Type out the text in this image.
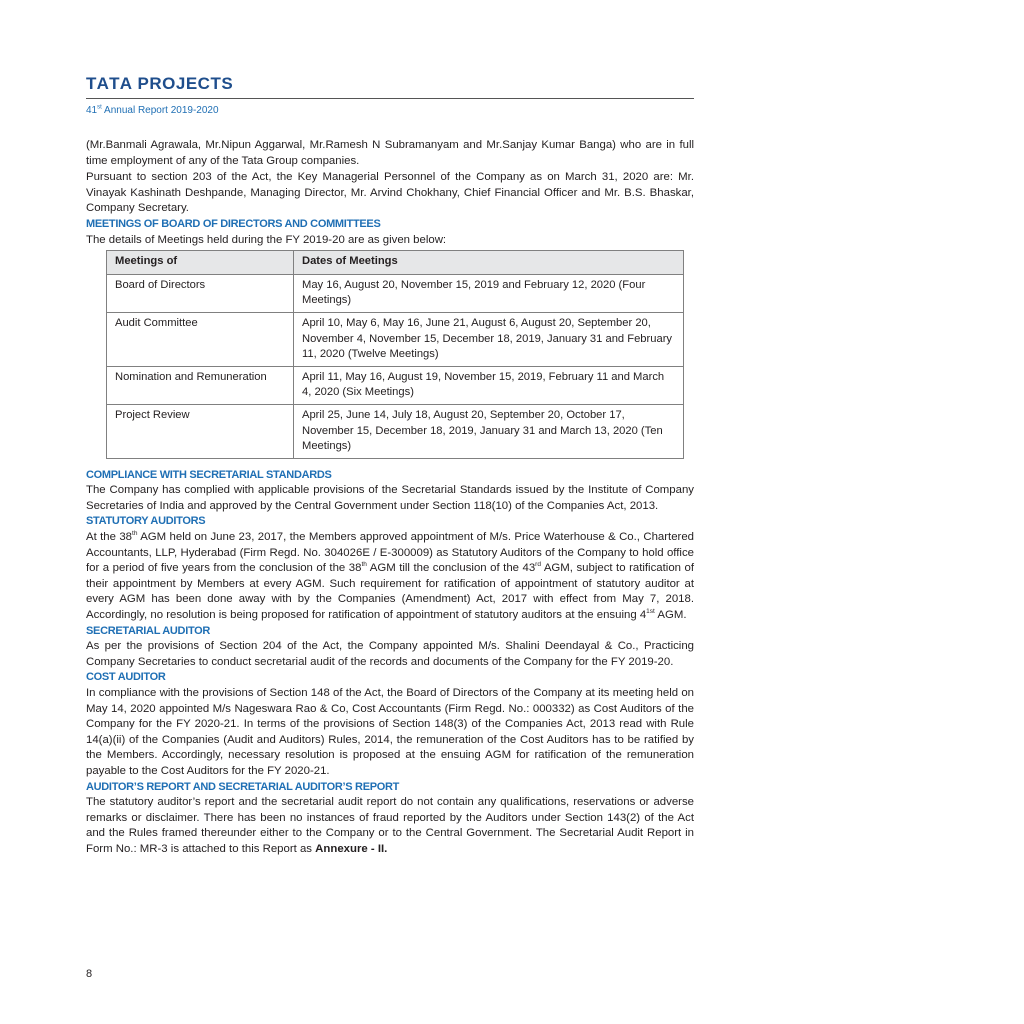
TATA PROJECTS
41st Annual Report 2019-2020

(Mr.Banmali Agrawala, Mr.Nipun Aggarwal, Mr.Ramesh N Subramanyam and Mr.Sanjay Kumar Banga) who are in full time employment of any of the Tata Group companies.

Pursuant to section 203 of the Act, the Key Managerial Personnel of the Company as on March 31, 2020 are: Mr. Vinayak Kashinath Deshpande, Managing Director, Mr. Arvind Chokhany, Chief Financial Officer and Mr. B.S. Bhaskar, Company Secretary.

MEETINGS OF BOARD OF DIRECTORS AND COMMITTEES

The details of Meetings held during the FY 2019-20 are as given below:

Meetings of	Dates of Meetings
Board of Directors	May 16, August 20, November 15, 2019 and February 12, 2020 (Four Meetings)
Audit Committee	April 10, May 6, May 16, June 21, August 6, August 20, September 20, November 4, November 15, December 18, 2019, January 31 and February 11, 2020 (Twelve Meetings)
Nomination and Remuneration	April 11, May 16, August 19, November 15, 2019, February 11 and March 4, 2020 (Six Meetings)
Project Review	April 25, June 14, July 18, August 20, September 20, October 17, November 15, December 18, 2019, January 31 and March 13, 2020 (Ten Meetings)

COMPLIANCE WITH SECRETARIAL STANDARDS

The Company has complied with applicable provisions of the Secretarial Standards issued by the Institute of Company Secretaries of India and approved by the Central Government under Section 118(10) of the Companies Act, 2013.

STATUTORY AUDITORS

At the 38th AGM held on June 23, 2017, the Members approved appointment of M/s. Price Waterhouse & Co., Chartered Accountants, LLP, Hyderabad (Firm Regd. No. 304026E / E-300009) as Statutory Auditors of the Company to hold office for a period of five years from the conclusion of the 38th AGM till the conclusion of the 43rd AGM, subject to ratification of their appointment by Members at every AGM. Such requirement for ratification of appointment of statutory auditor at every AGM has been done away with by the Companies (Amendment) Act, 2017 with effect from May 7, 2018. Accordingly, no resolution is being proposed for ratification of appointment of statutory auditors at the ensuing $4^{1st}$ AGM.

SECRETARIAL AUDITOR

As per the provisions of Section 204 of the Act, the Company appointed M/s. Shalini Deendayal & Co., Practicing Company Secretaries to conduct secretarial audit of the records and documents of the Company for the FY 2019-20.

COST AUDITOR

In compliance with the provisions of Section 148 of the Act, the Board of Directors of the Company at its meeting held on May 14, 2020 appointed M/s Nageswara Rao & Co, Cost Accountants (Firm Regd. No.: 000332) as Cost Auditors of the Company for the FY 2020-21. In terms of the provisions of Section 148(3) of the Companies Act, 2013 read with Rule 14(a)(ii) of the Companies (Audit and Auditors) Rules, 2014, the remuneration of the Cost Auditors has to be ratified by the Members. Accordingly, necessary resolution is proposed at the ensuing AGM for ratification of the remuneration payable to the Cost Auditors for the FY 2020-21.

AUDITOR’S REPORT AND SECRETARIAL AUDITOR’S REPORT

The statutory auditor’s report and the secretarial audit report do not contain any qualifications, reservations or adverse remarks or disclaimer. There has been no instances of fraud reported by the Auditors under Section 143(2) of the Act and the Rules framed thereunder either to the Company or to the Central Government. The Secretarial Audit Report in Form No.: MR-3 is attached to this Report as Annexure - II.

8
